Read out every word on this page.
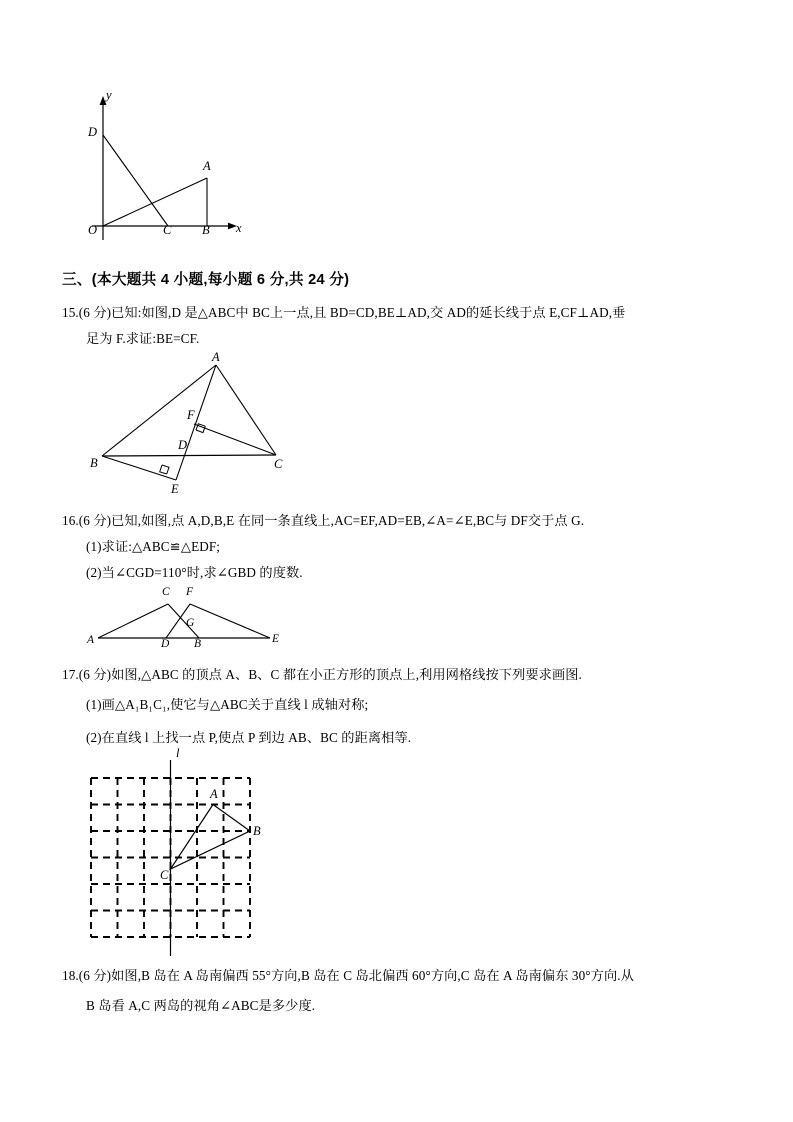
y
x
D
A
O	C B
三、(本大题共 4 小题,每小题 6 分,共 24 分)
15.(6 分)已知:如图,D 是△ABC中 BC上一点,且 BD=CD,BE⊥AD,交 AD的延长线于点 E,CF⊥AD,垂
足为 F.求证:BE=CF.
A
B	C
D
E
F
16.(6 分)已知,如图,点 A,D,B,E 在同一条直线上,AC=EF,AD=EB,∠A=∠E,BC与 DF交于点 G.
(1)求证:△ABC≌△EDF;
(2)当∠CGD=110°时,求∠GBD 的度数.
C F
G
A	D B	E
17.(6 分)如图,△ABC 的顶点 A、B、C 都在小正方形的顶点上,利用网格线按下列要求画图.
(1)画△A₁B₁C₁,使它与△ABC关于直线 l 成轴对称;
(2)在直线 l 上找一点 P,使点 P 到边 AB、BC 的距离相等.
l
A
B
C
18.(6 分)如图,B 岛在 A 岛南偏西 55°方向,B 岛在 C 岛北偏西 60°方向,C 岛在 A 岛南偏东 30°方向.从
B 岛看 A,C 两岛的视角∠ABC是多少度.
